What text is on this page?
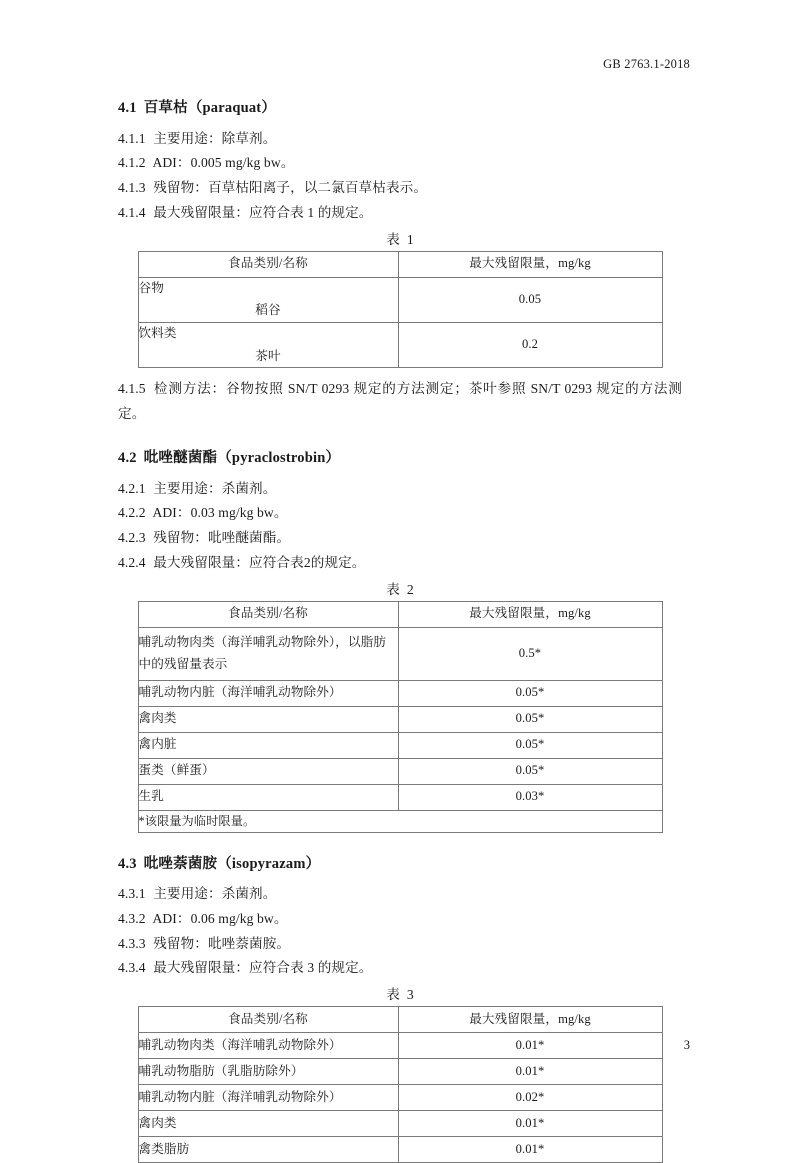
GB 2763.1-2018

4.1 百草枯（paraquat）

4.1.1 主要用途：除草剂。

4.1.2 ADI：0.005 mg/kg bw。

4.1.3 残留物：百草枯阳离子，以二氯百草枯表示。

4.1.4 最大残留限量：应符合表 1 的规定。

表 1

食品类别/名称	最大残留限量，mg/kg

谷物
稻谷	0.05

饮料类
茶叶	0.2

4.1.5 检测方法：谷物按照 SN/T 0293 规定的方法测定；茶叶参照 SN/T 0293 规定的方法测定。

4.2 吡唑醚菌酯（pyraclostrobin）

4.2.1 主要用途：杀菌剂。

4.2.2 ADI：0.03 mg/kg bw。

4.2.3 残留物：吡唑醚菌酯。

4.2.4 最大残留限量：应符合表2的规定。

表 2

食品类别/名称	最大残留限量，mg/kg
哺乳动物肉类（海洋哺乳动物除外），以脂肪中的残留量表示	0.5*
哺乳动物内脏（海洋哺乳动物除外）	0.05*
禽肉类	0.05*
禽内脏	0.05*
蛋类（鲜蛋）	0.05*
生乳	0.03*
*该限量为临时限量。	

4.3 吡唑萘菌胺（isopyrazam）

4.3.1 主要用途：杀菌剂。

4.3.2 ADI：0.06 mg/kg bw。

4.3.3 残留物：吡唑萘菌胺。

4.3.4 最大残留限量：应符合表 3 的规定。

表 3

食品类别/名称	最大残留限量，mg/kg
哺乳动物肉类（海洋哺乳动物除外）	0.01*
哺乳动物脂肪（乳脂肪除外）	0.01*
哺乳动物内脏（海洋哺乳动物除外）	0.02*
禽肉类	0.01*
禽类脂肪	0.01*
3
